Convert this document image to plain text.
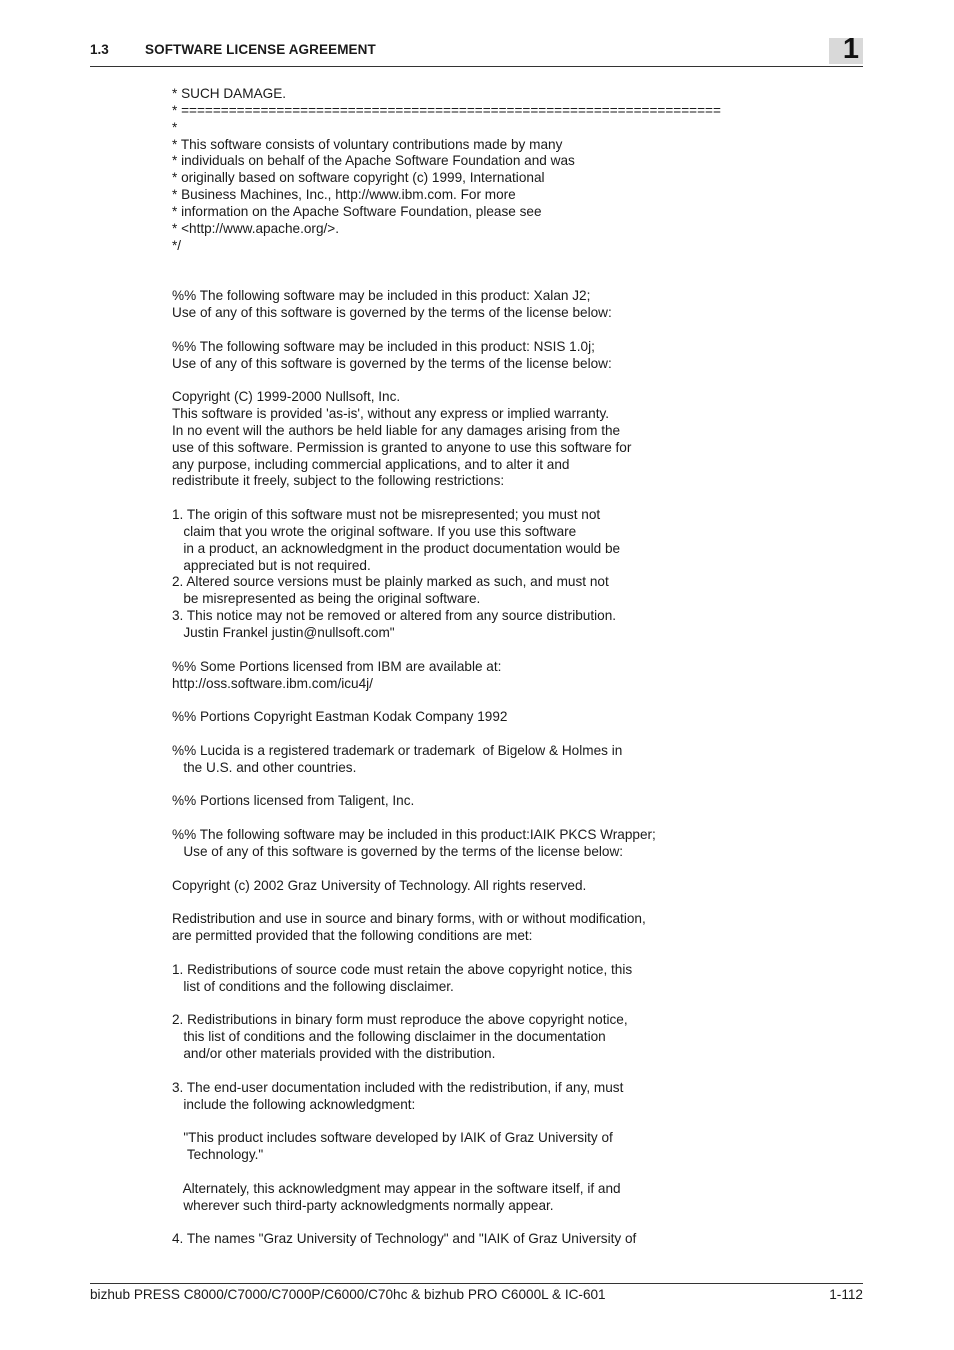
1.3	SOFTWARE LICENSE AGREEMENT	1
* SUCH DAMAGE.
* ====================================================================
*
* This software consists of voluntary contributions made by many
* individuals on behalf of the Apache Software Foundation and was
* originally based on software copyright (c) 1999, International
* Business Machines, Inc., http://www.ibm.com. For more
* information on the Apache Software Foundation, please see
* <http://www.apache.org/>.
*/
%% The following software may be included in this product: Xalan J2;
Use of any of this software is governed by the terms of the license below:
%% The following software may be included in this product: NSIS 1.0j;
Use of any of this software is governed by the terms of the license below:
Copyright (C) 1999-2000 Nullsoft, Inc.
This software is provided 'as-is', without any express or implied warranty.
In no event will the authors be held liable for any damages arising from the
use of this software. Permission is granted to anyone to use this software for
any purpose, including commercial applications, and to alter it and
redistribute it freely, subject to the following restrictions:
1. The origin of this software must not be misrepresented; you must not
claim that you wrote the original software. If you use this software
in a product, an acknowledgment in the product documentation would be
appreciated but is not required.
2. Altered source versions must be plainly marked as such, and must not
be misrepresented as being the original software.
3. This notice may not be removed or altered from any source distribution.
Justin Frankel justin@nullsoft.com"
%% Some Portions licensed from IBM are available at:
http://oss.software.ibm.com/icu4j/
%% Portions Copyright Eastman Kodak Company 1992
%% Lucida is a registered trademark or trademark  of Bigelow & Holmes in
the U.S. and other countries.
%% Portions licensed from Taligent, Inc.
%% The following software may be included in this product:IAIK PKCS Wrapper;
Use of any of this software is governed by the terms of the license below:
Copyright (c) 2002 Graz University of Technology. All rights reserved.
Redistribution and use in source and binary forms, with or without modification,
are permitted provided that the following conditions are met:
1. Redistributions of source code must retain the above copyright notice, this
list of conditions and the following disclaimer.
2. Redistributions in binary form must reproduce the above copyright notice,
this list of conditions and the following disclaimer in the documentation
and/or other materials provided with the distribution.
3. The end-user documentation included with the redistribution, if any, must
include the following acknowledgment:
"This product includes software developed by IAIK of Graz University of
Technology."
Alternately, this acknowledgment may appear in the software itself, if and
wherever such third-party acknowledgments normally appear.
4. The names "Graz University of Technology" and "IAIK of Graz University of
bizhub PRESS C8000/C7000/C7000P/C6000/C70hc & bizhub PRO C6000L & IC-601	1-112
